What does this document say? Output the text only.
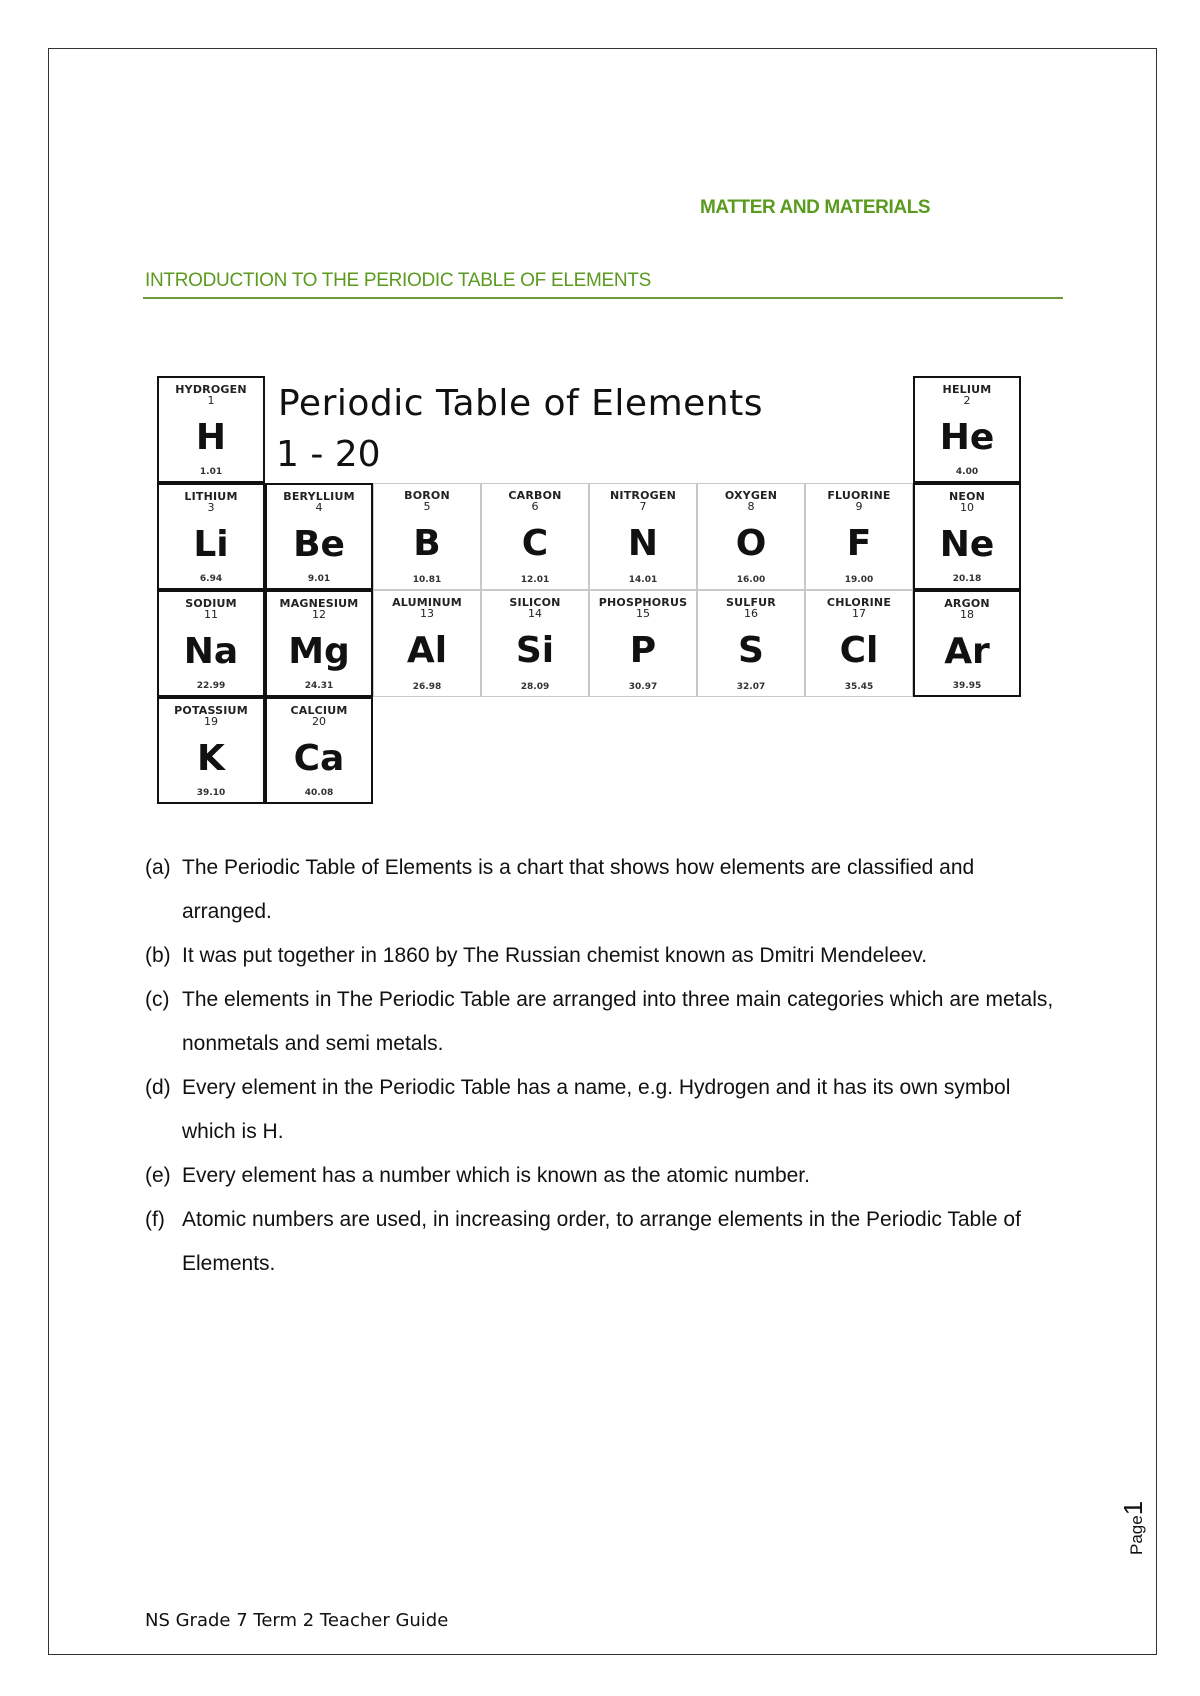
MATTER AND MATERIALS
INTRODUCTION TO THE PERIODIC TABLE OF ELEMENTS
Periodic Table of Elements
1 - 20
HYDROGEN
1
H
1.01
HELIUM
2
He
4.00
LITHIUM
3
Li
6.94
BERYLLIUM
4
Be
9.01
BORON
5
B
10.81
CARBON
6
C
12.01
NITROGEN
7
N
14.01
OXYGEN
8
O
16.00
FLUORINE
9
F
19.00
NEON
10
Ne
20.18
SODIUM
11
Na
22.99
MAGNESIUM
12
Mg
24.31
ALUMINUM
13
Al
26.98
SILICON
14
Si
28.09
PHOSPHORUS
15
P
30.97
SULFUR
16
S
32.07
CHLORINE
17
Cl
35.45
ARGON
18
Ar
39.95
POTASSIUM
19
K
39.10
CALCIUM
20
Ca
40.08
(a) The Periodic Table of Elements is a chart that shows how elements are classified and arranged.
(b) It was put together in 1860 by The Russian chemist known as Dmitri Mendeleev.
(c) The elements in The Periodic Table are arranged into three main categories which are metals, nonmetals and semi metals.
(d) Every element in the Periodic Table has a name, e.g. Hydrogen and it has its own symbol which is H.
(e) Every element has a number which is known as the atomic number.
(f) Atomic numbers are used, in increasing order, to arrange elements in the Periodic Table of Elements.
Page1
NS Grade 7 Term 2 Teacher Guide
